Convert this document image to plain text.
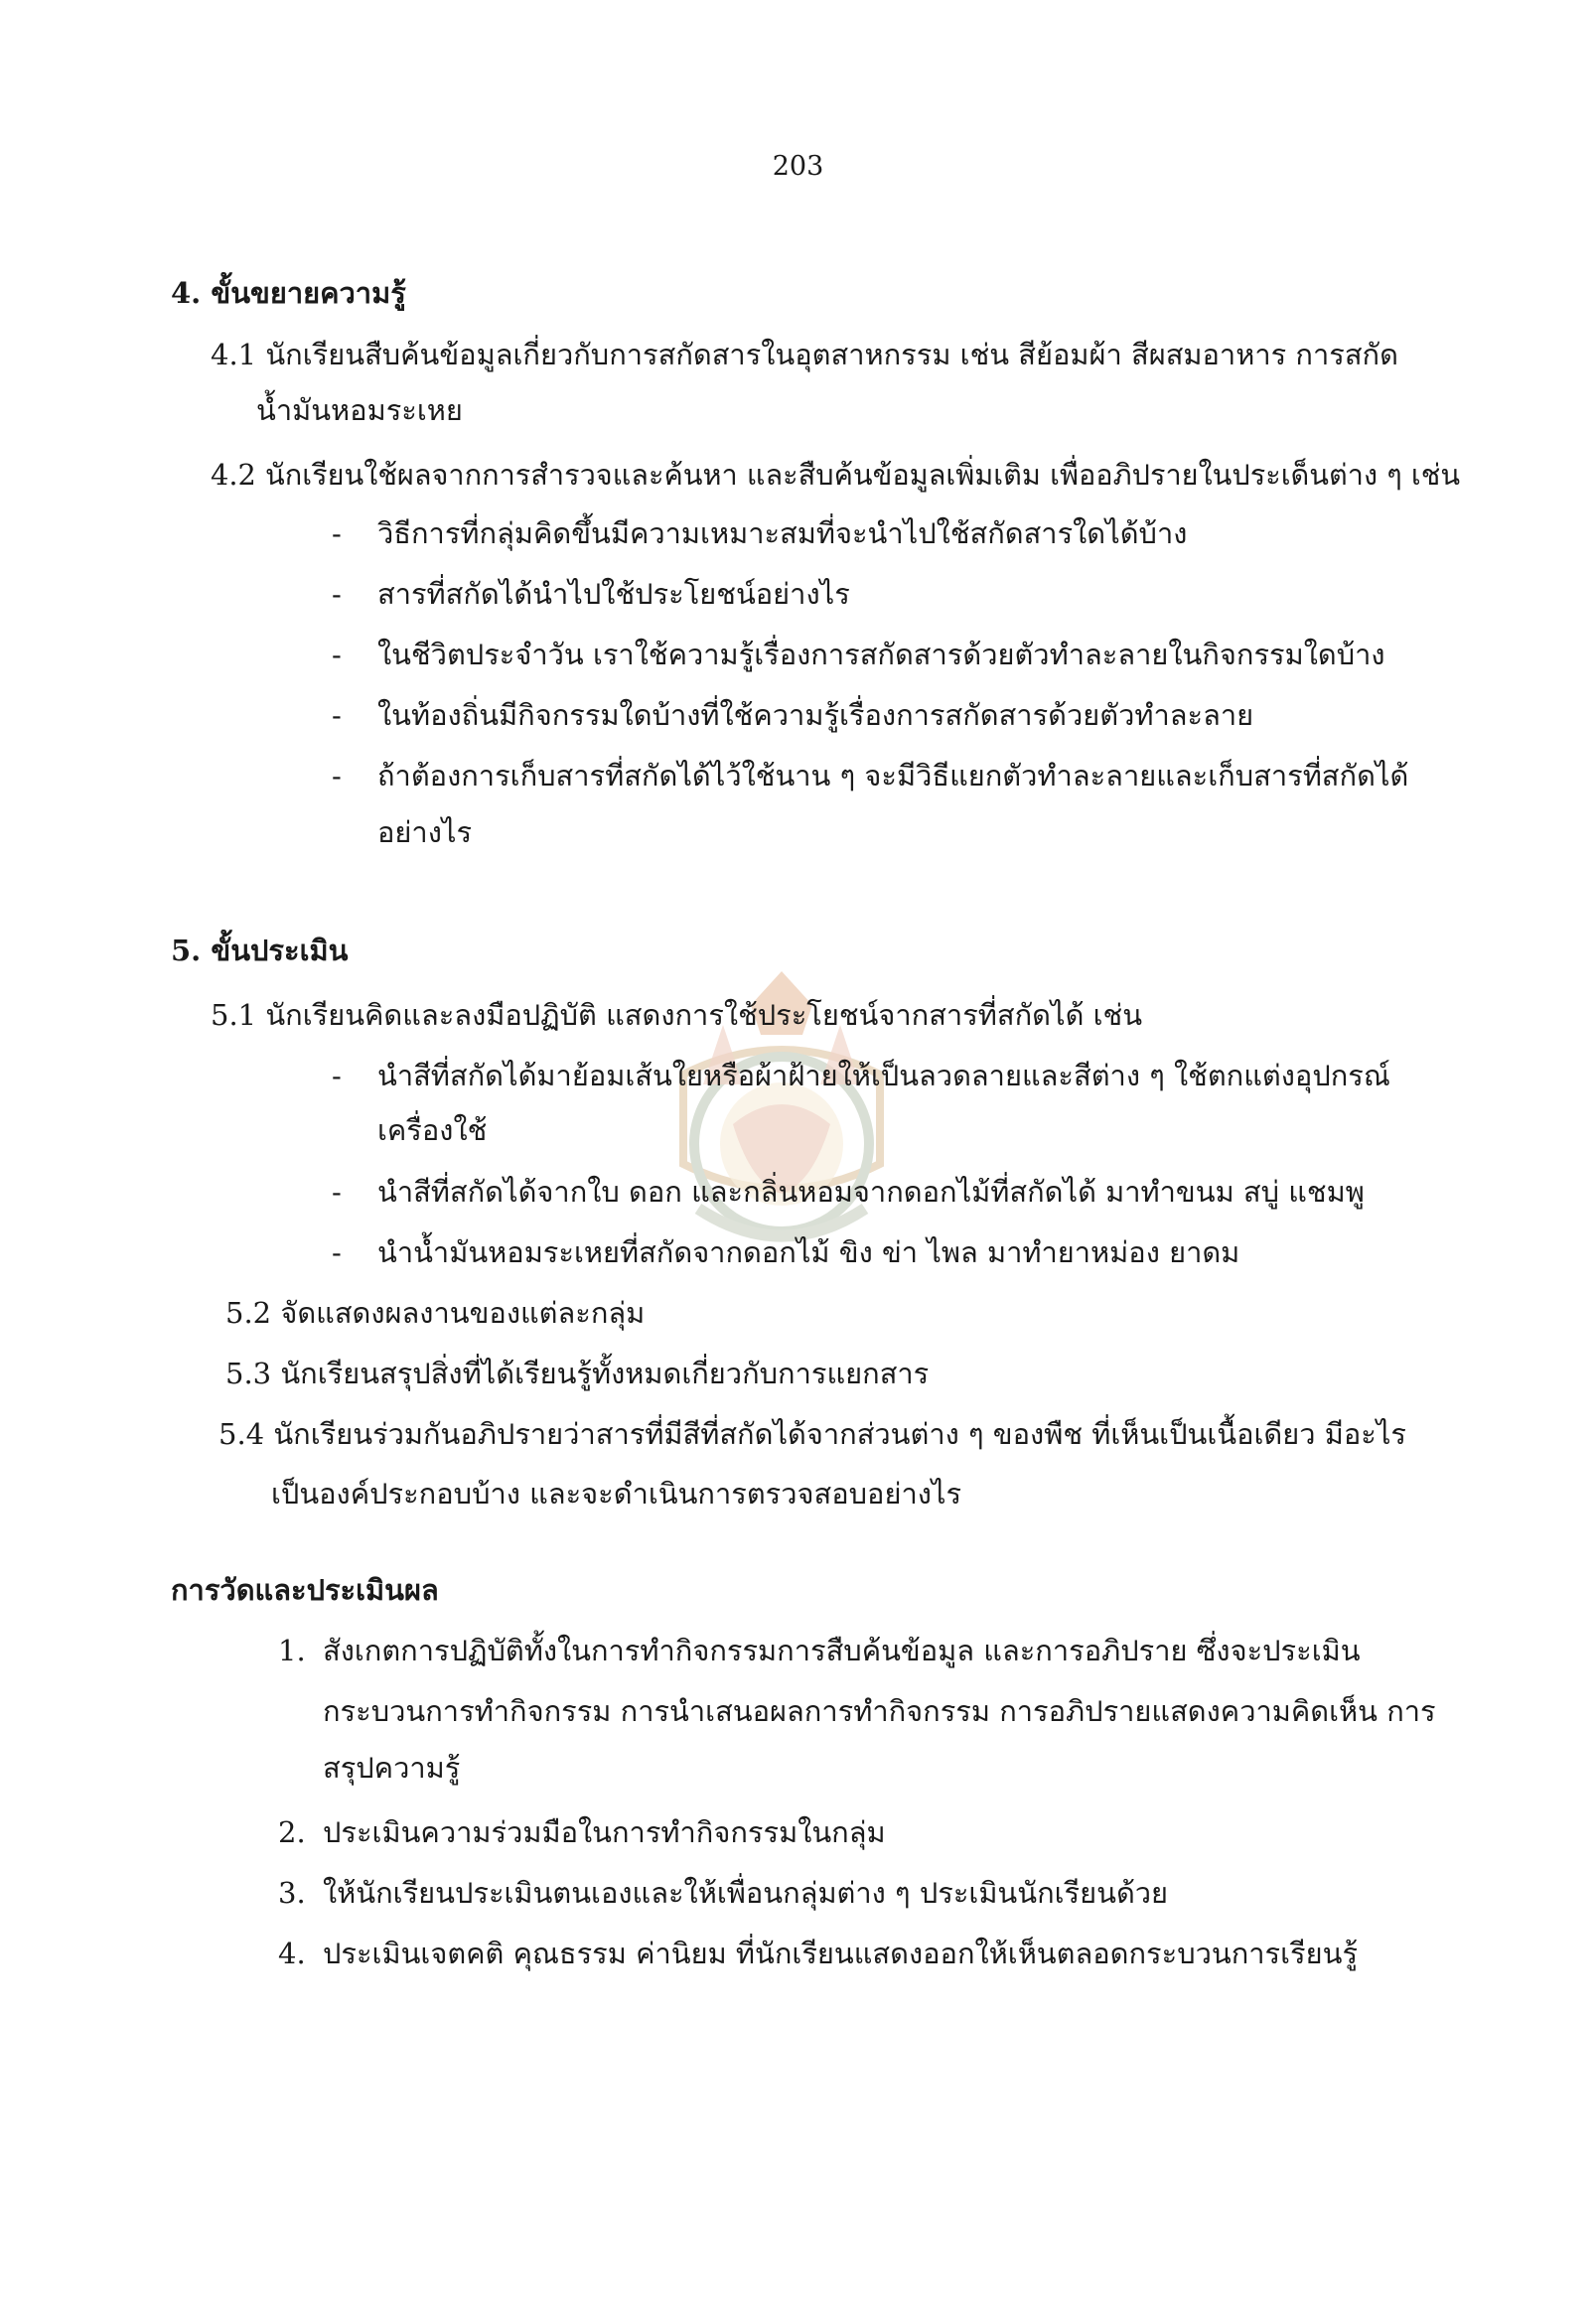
203
4. ขั้นขยายความรู้
4.1 นักเรียนสืบค้นข้อมูลเกี่ยวกับการสกัดสารในอุตสาหกรรม เช่น สีย้อมผ้า สีผสมอาหาร การสกัด
น้ำมันหอมระเหย
4.2 นักเรียนใช้ผลจากการสำรวจและค้นหา และสืบค้นข้อมูลเพิ่มเติม เพื่ออภิปรายในประเด็นต่าง ๆ เช่น
- วิธีการที่กลุ่มคิดขึ้นมีความเหมาะสมที่จะนำไปใช้สกัดสารใดได้บ้าง
- สารที่สกัดได้นำไปใช้ประโยชน์อย่างไร
- ในชีวิตประจำวัน เราใช้ความรู้เรื่องการสกัดสารด้วยตัวทำละลายในกิจกรรมใดบ้าง
- ในท้องถิ่นมีกิจกรรมใดบ้างที่ใช้ความรู้เรื่องการสกัดสารด้วยตัวทำละลาย
- ถ้าต้องการเก็บสารที่สกัดได้ไว้ใช้นาน ๆ จะมีวิธีแยกตัวทำละลายและเก็บสารที่สกัดได้
อย่างไร
5. ขั้นประเมิน
5.1 นักเรียนคิดและลงมือปฏิบัติ แสดงการใช้ประโยชน์จากสารที่สกัดได้ เช่น
- นำสีที่สกัดได้มาย้อมเส้นใยหรือผ้าฝ้ายให้เป็นลวดลายและสีต่าง ๆ ใช้ตกแต่งอุปกรณ์
เครื่องใช้
- นำสีที่สกัดได้จากใบ ดอก และกลิ่นหอมจากดอกไม้ที่สกัดได้ มาทำขนม สบู่ แชมพู
- นำน้ำมันหอมระเหยที่สกัดจากดอกไม้ ขิง ข่า ไพล มาทำยาหม่อง ยาดม
5.2 จัดแสดงผลงานของแต่ละกลุ่ม
5.3 นักเรียนสรุปสิ่งที่ได้เรียนรู้ทั้งหมดเกี่ยวกับการแยกสาร
5.4 นักเรียนร่วมกันอภิปรายว่าสารที่มีสีที่สกัดได้จากส่วนต่าง ๆ ของพืช ที่เห็นเป็นเนื้อเดียว มีอะไร
เป็นองค์ประกอบบ้าง และจะดำเนินการตรวจสอบอย่างไร
การวัดและประเมินผล
1. สังเกตการปฏิบัติทั้งในการทำกิจกรรมการสืบค้นข้อมูล และการอภิปราย ซึ่งจะประเมิน
กระบวนการทำกิจกรรม การนำเสนอผลการทำกิจกรรม การอภิปรายแสดงความคิดเห็น การ
สรุปความรู้
2. ประเมินความร่วมมือในการทำกิจกรรมในกลุ่ม
3. ให้นักเรียนประเมินตนเองและให้เพื่อนกลุ่มต่าง ๆ ประเมินนักเรียนด้วย
4. ประเมินเจตคติ คุณธรรม ค่านิยม ที่นักเรียนแสดงออกให้เห็นตลอดกระบวนการเรียนรู้
